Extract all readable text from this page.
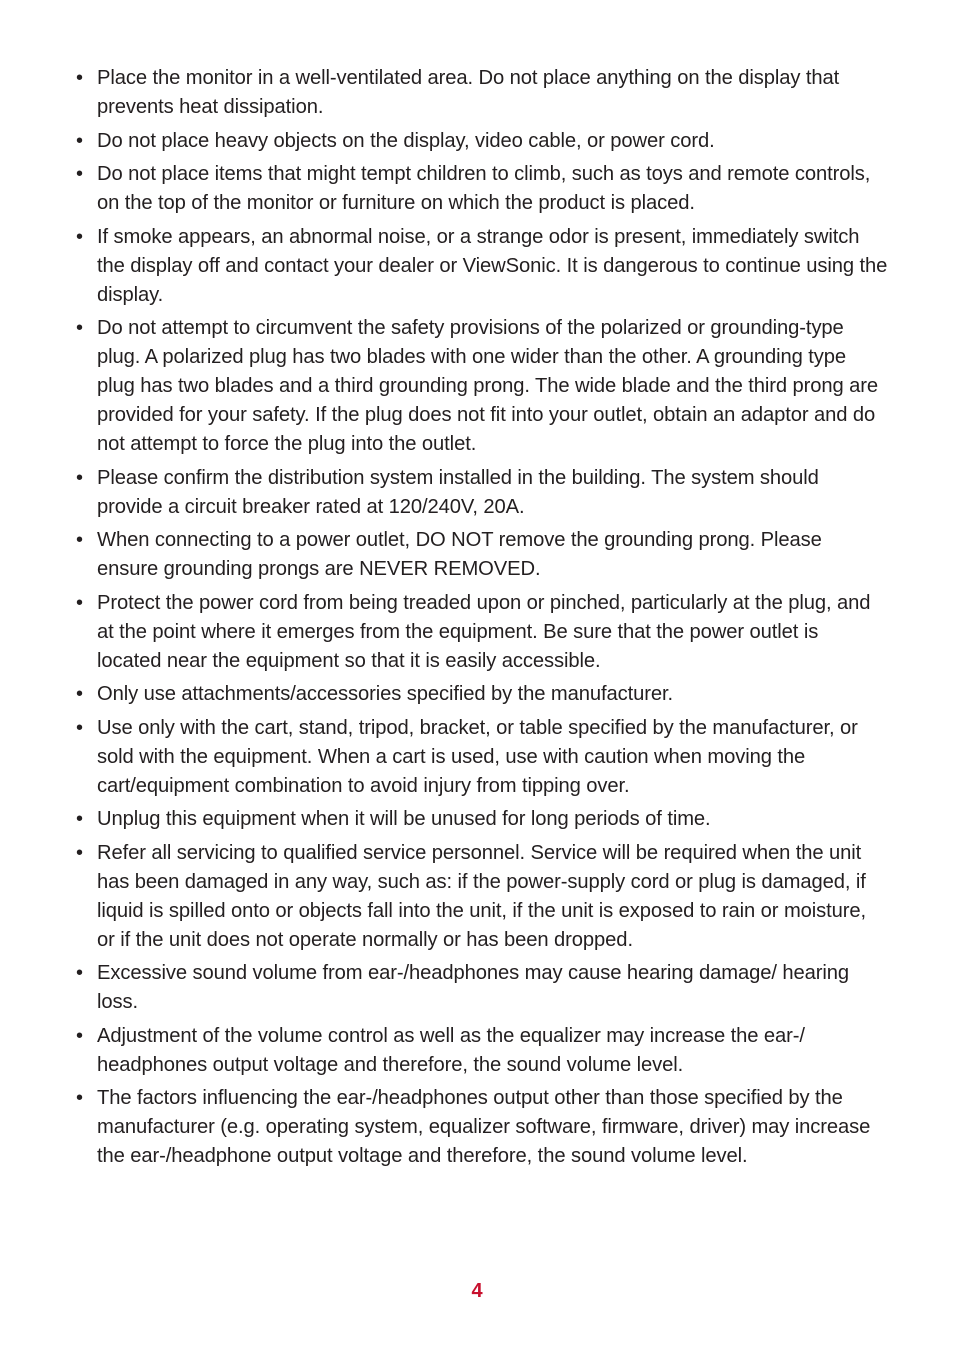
• Place the monitor in a well-ventilated area. Do not place anything on the display that prevents heat dissipation.
• Do not place heavy objects on the display, video cable, or power cord.
• Do not place items that might tempt children to climb, such as toys and remote controls, on the top of the monitor or furniture on which the product is placed.
• If smoke appears, an abnormal noise, or a strange odor is present, immediately switch the display off and contact your dealer or ViewSonic. It is dangerous to continue using the display.
• Do not attempt to circumvent the safety provisions of the polarized or grounding-type plug. A polarized plug has two blades with one wider than the other. A grounding type plug has two blades and a third grounding prong. The wide blade and the third prong are provided for your safety. If the plug does not fit into your outlet, obtain an adaptor and do not attempt to force the plug into the outlet.
• Please confirm the distribution system installed in the building. The system should provide a circuit breaker rated at 120/240V, 20A.
• When connecting to a power outlet, DO NOT remove the grounding prong. Please ensure grounding prongs are NEVER REMOVED.
• Protect the power cord from being treaded upon or pinched, particularly at the plug, and at the point where it emerges from the equipment. Be sure that the power outlet is located near the equipment so that it is easily accessible.
• Only use attachments/accessories specified by the manufacturer.
• Use only with the cart, stand, tripod, bracket, or table specified by the manufacturer, or sold with the equipment. When a cart is used, use with caution when moving the cart/equipment combination to avoid injury from tipping over.
• Unplug this equipment when it will be unused for long periods of time.
• Refer all servicing to qualified service personnel. Service will be required when the unit has been damaged in any way, such as: if the power-supply cord or plug is damaged, if liquid is spilled onto or objects fall into the unit, if the unit is exposed to rain or moisture, or if the unit does not operate normally or has been dropped.
• Excessive sound volume from ear-/headphones may cause hearing damage/ hearing loss.
• Adjustment of the volume control as well as the equalizer may increase the ear-/ headphones output voltage and therefore, the sound volume level.
• The factors influencing the ear-/headphones output other than those specified by the manufacturer (e.g. operating system, equalizer software, firmware, driver) may increase the ear-/headphone output voltage and therefore, the sound volume level.
4
